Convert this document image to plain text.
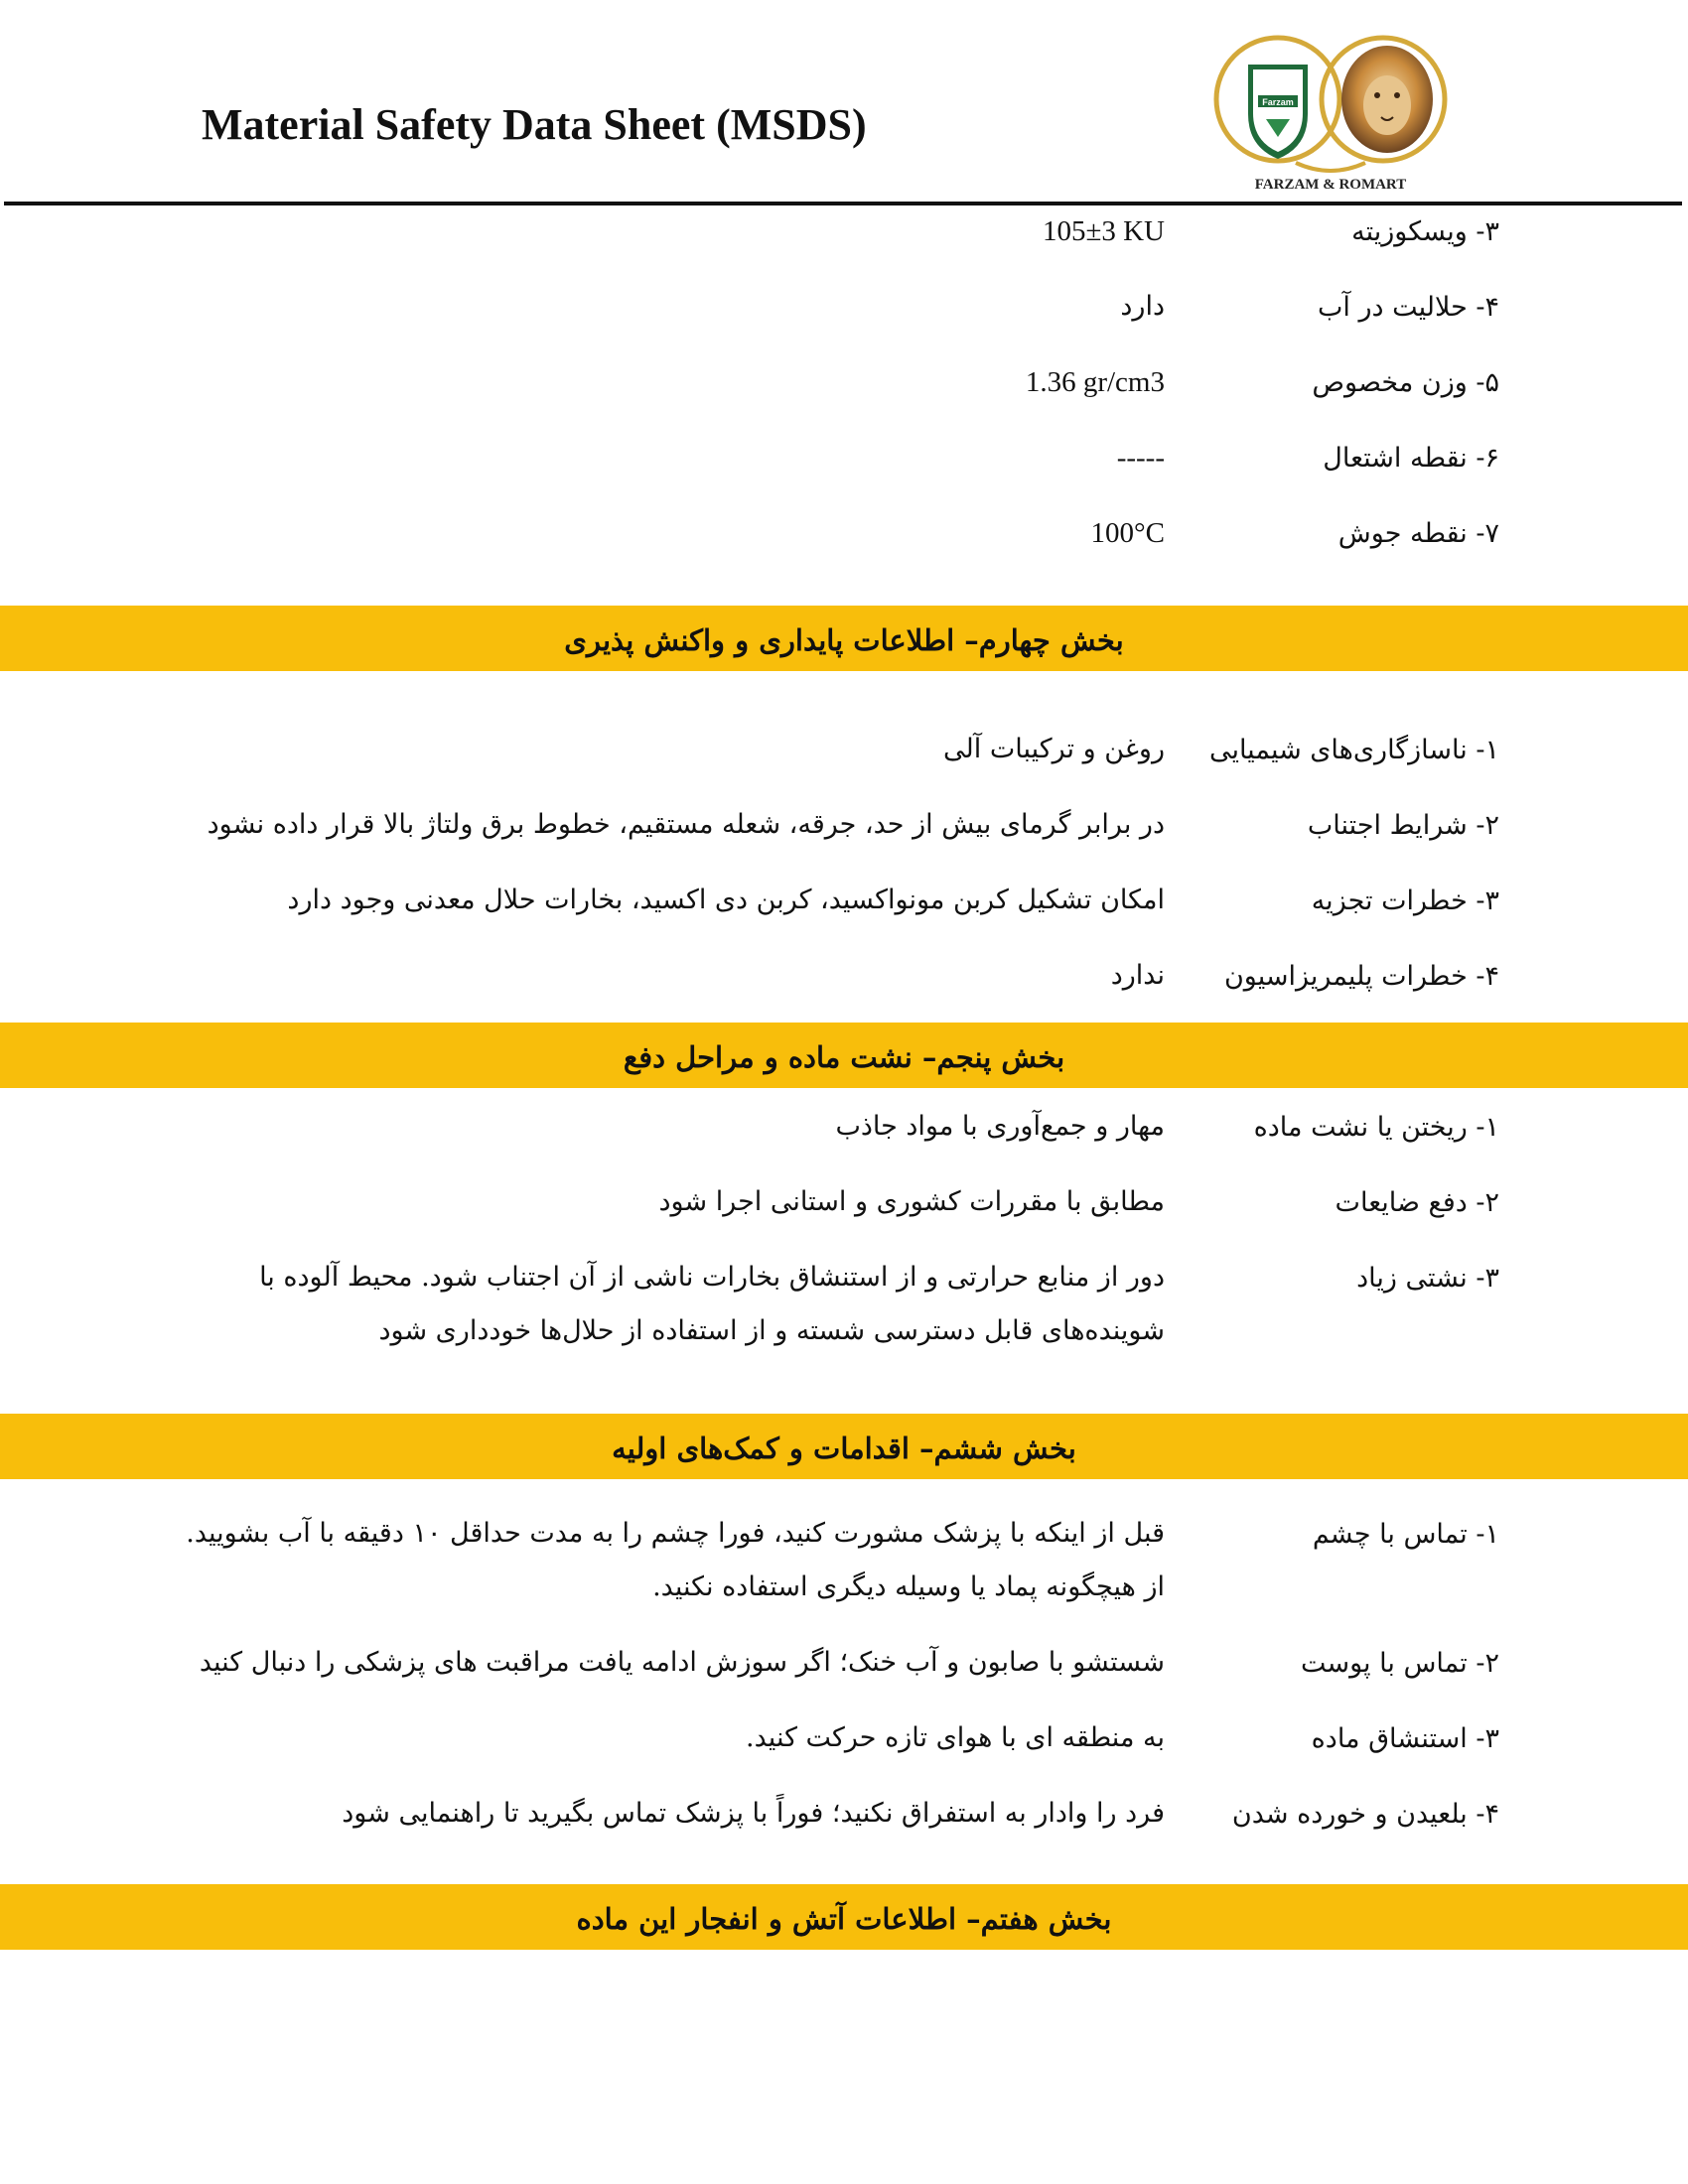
Material Safety Data Sheet (MSDS)	Farzam
FARZAM & ROMART
۳- ویسکوزیته
105±3 KU
۴- حلالیت در آب
دارد
۵- وزن مخصوص
1.36 gr/cm3
۶- نقطه اشتعال
-----
۷- نقطه جوش
100°C
بخش چهارم– اطلاعات پایداری و واکنش پذیری
۱- ناسازگاری‌های شیمیایی
روغن و ترکیبات آلی
۲- شرایط اجتناب
در برابر گرمای بیش از حد، جرقه، شعله مستقیم، خطوط برق ولتاژ بالا قرار داده نشود
۳- خطرات تجزیه
امکان تشکیل کربن مونواکسید، کربن دی اکسید، بخارات حلال معدنی وجود دارد
۴- خطرات پلیمریزاسیون
ندارد
بخش پنجم– نشت ماده و مراحل دفع
۱- ریختن یا نشت ماده
مهار و جمع‌آوری با مواد جاذب
۲- دفع ضایعات
مطابق با مقررات کشوری و استانی اجرا شود
۳- نشتی زیاد
دور از منابع حرارتی و از استنشاق بخارات ناشی از آن اجتناب شود. محیط آلوده با شوینده‌های قابل دسترسی شسته و از استفاده از حلال‌ها خودداری شود
بخش ششم– اقدامات و کمک‌های اولیه
۱- تماس با چشم
قبل از اینکه با پزشک مشورت کنید، فورا چشم را به مدت حداقل ۱۰ دقیقه با آب بشویید. از هیچگونه پماد یا وسیله دیگری استفاده نکنید.
۲- تماس با پوست
شستشو با صابون و آب خنک؛ اگر سوزش ادامه یافت مراقبت های پزشکی را دنبال کنید
۳- استنشاق ماده
به منطقه ای با هوای تازه حرکت کنید.
۴- بلعیدن و خورده شدن
فرد را وادار به استفراق نکنید؛ فوراً با پزشک تماس بگیرید تا راهنمایی شود
بخش هفتم– اطلاعات آتش و انفجار این ماده
